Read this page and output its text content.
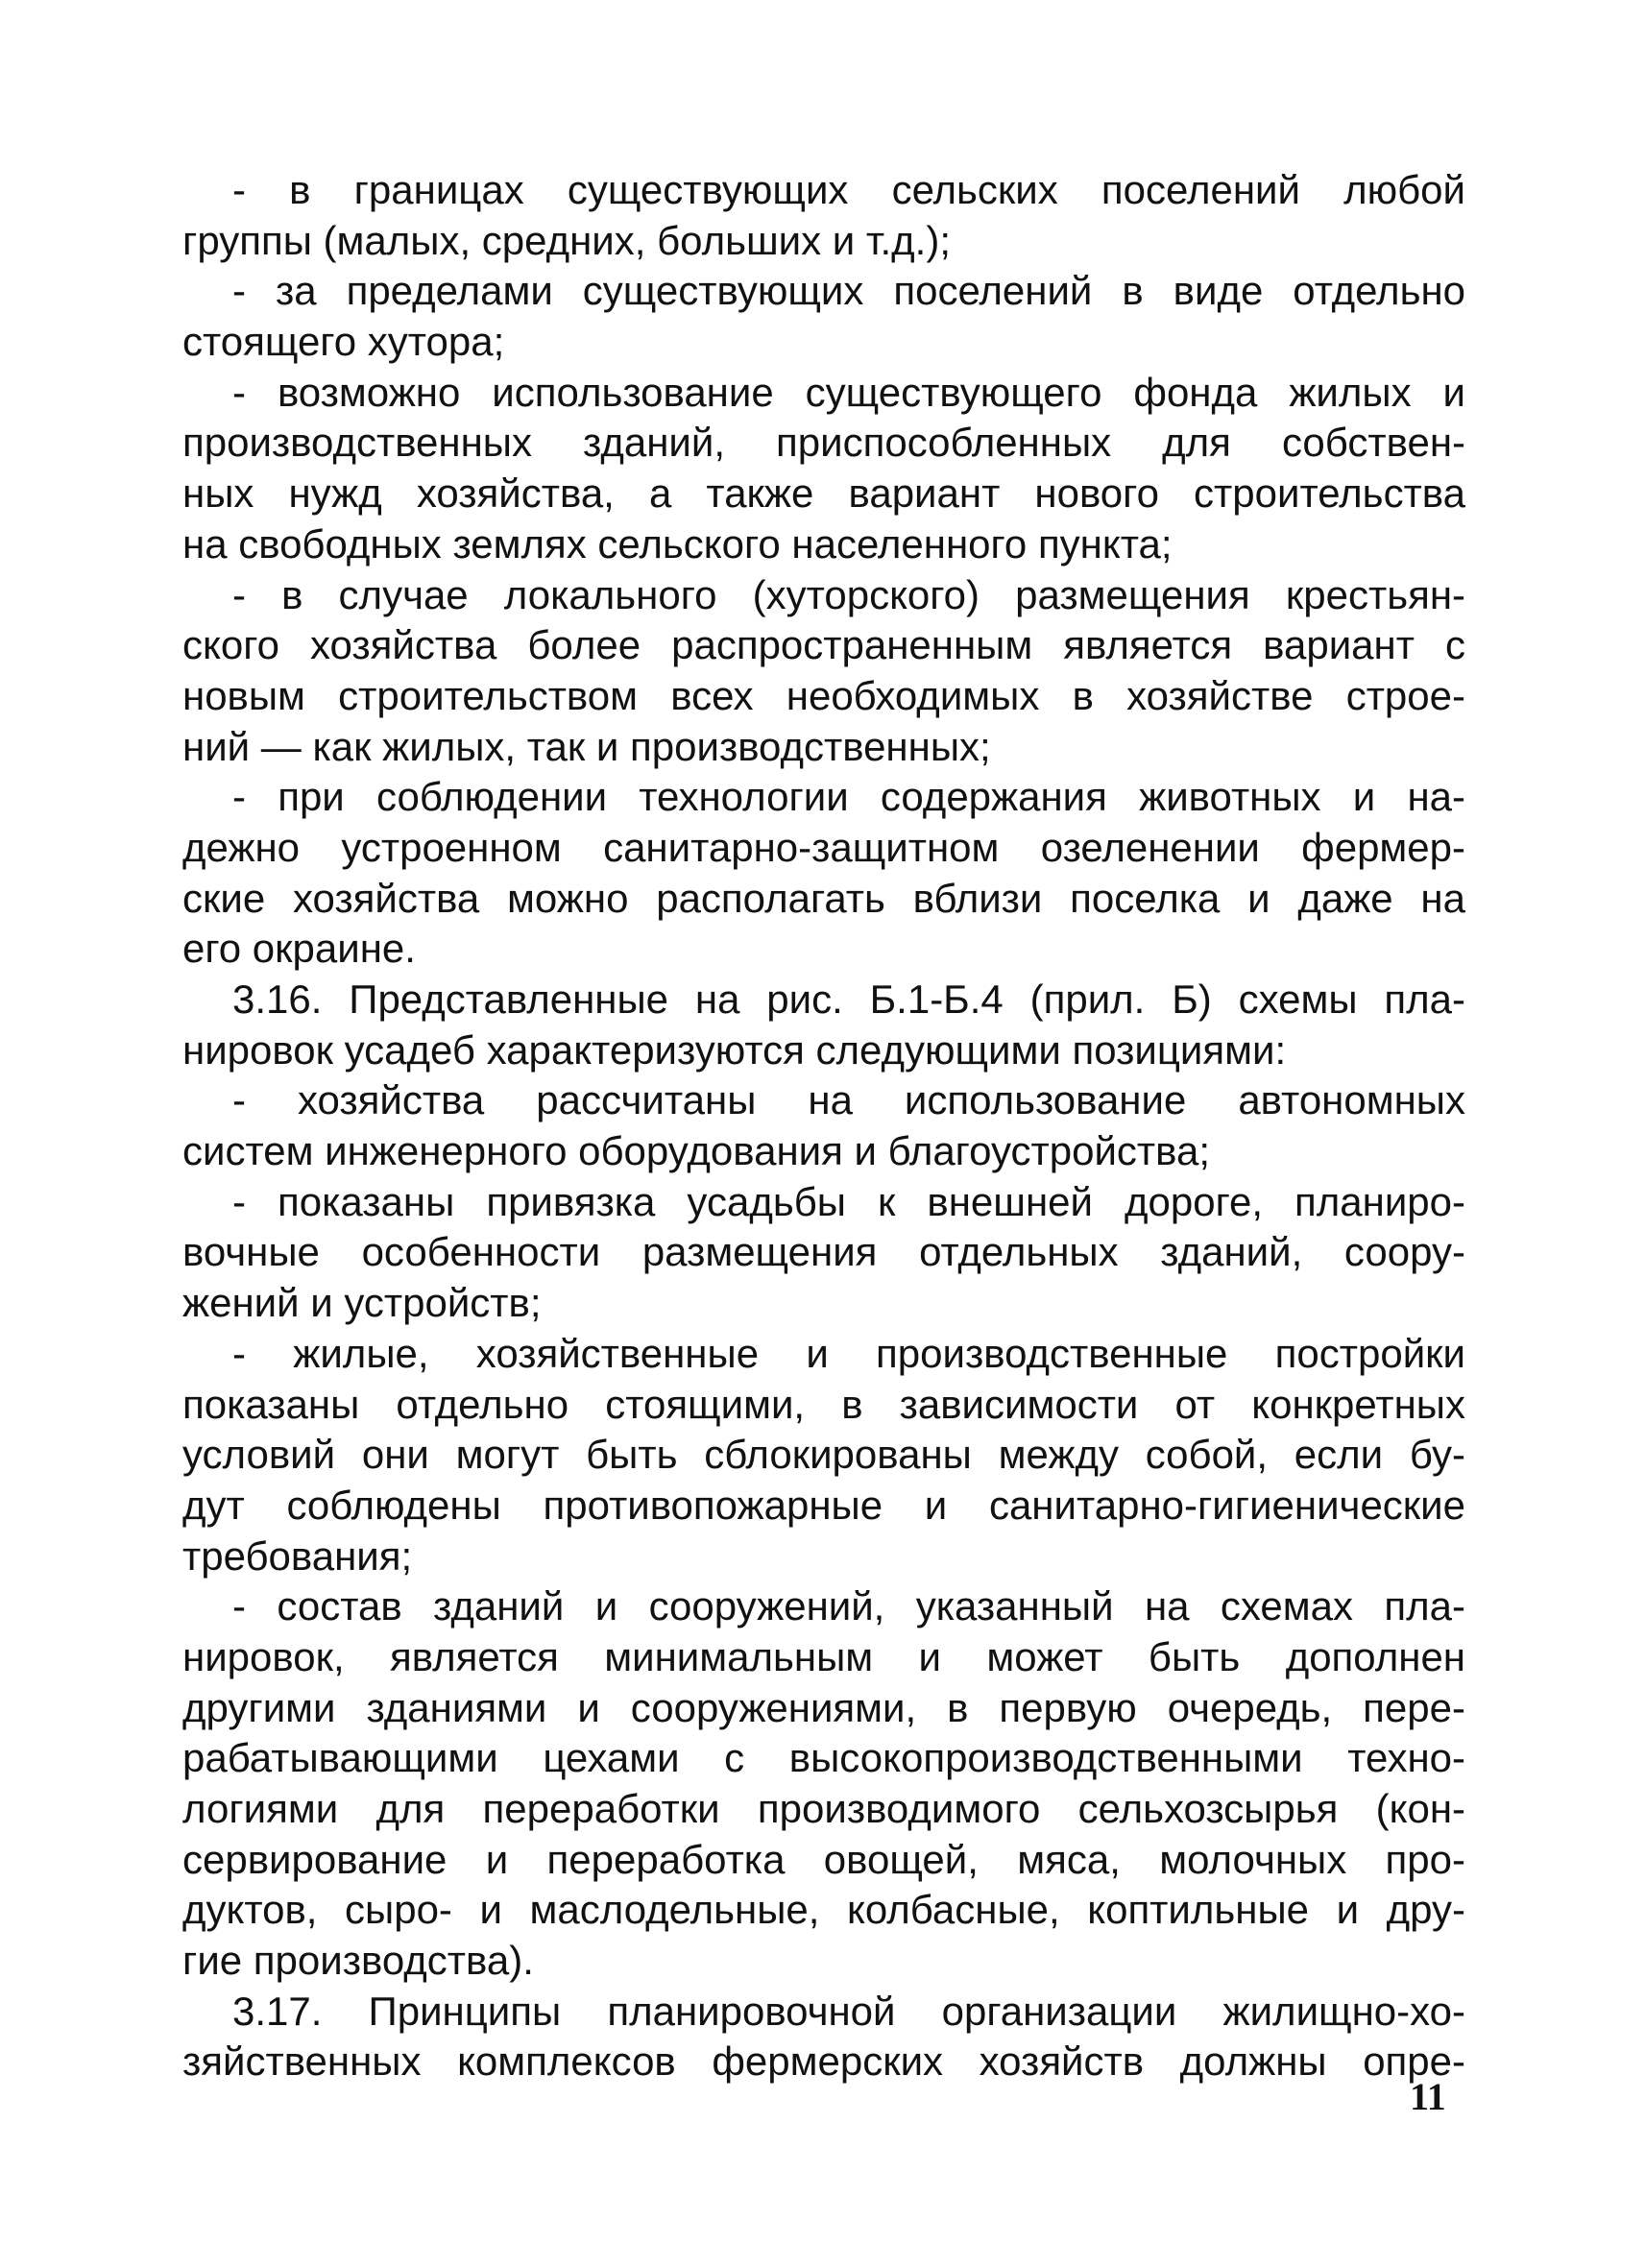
- в границах существующих сельских поселений любой
группы (малых, средних, больших и т.д.);
- за пределами существующих поселений в виде отдельно
стоящего хутора;
- возможно использование существующего фонда жилых и
производственных зданий, приспособленных для собствен-
ных нужд хозяйства, а также вариант нового строительства
на свободных землях сельского населенного пункта;
- в случае локального (хуторского) размещения крестьян-
ского хозяйства более распространенным является вариант с
новым строительством всех необходимых в хозяйстве строе-
ний — как жилых, так и производственных;
- при соблюдении технологии содержания животных и на-
дежно устроенном санитарно-защитном озеленении фермер-
ские хозяйства можно располагать вблизи поселка и даже на
его окраине.
3.16. Представленные на рис. Б.1-Б.4 (прил. Б) схемы пла-
нировок усадеб характеризуются следующими позициями:
- хозяйства рассчитаны на использование автономных
систем инженерного оборудования и благоустройства;
- показаны привязка усадьбы к внешней дороге, планиро-
вочные особенности размещения отдельных зданий, соору-
жений и устройств;
- жилые, хозяйственные и производственные постройки
показаны отдельно стоящими, в зависимости от конкретных
условий они могут быть сблокированы между собой, если бу-
дут соблюдены противопожарные и санитарно-гигиенические
требования;
- состав зданий и сооружений, указанный на схемах пла-
нировок, является минимальным и может быть дополнен
другими зданиями и сооружениями, в первую очередь, пере-
рабатывающими цехами с высокопроизводственными техно-
логиями для переработки производимого сельхозсырья (кон-
сервирование и переработка овощей, мяса, молочных про-
дуктов, сыро- и маслодельные, колбасные, коптильные и дру-
гие производства).
3.17. Принципы планировочной организации жилищно-хо-
зяйственных комплексов фермерских хозяйств должны опре-
11
